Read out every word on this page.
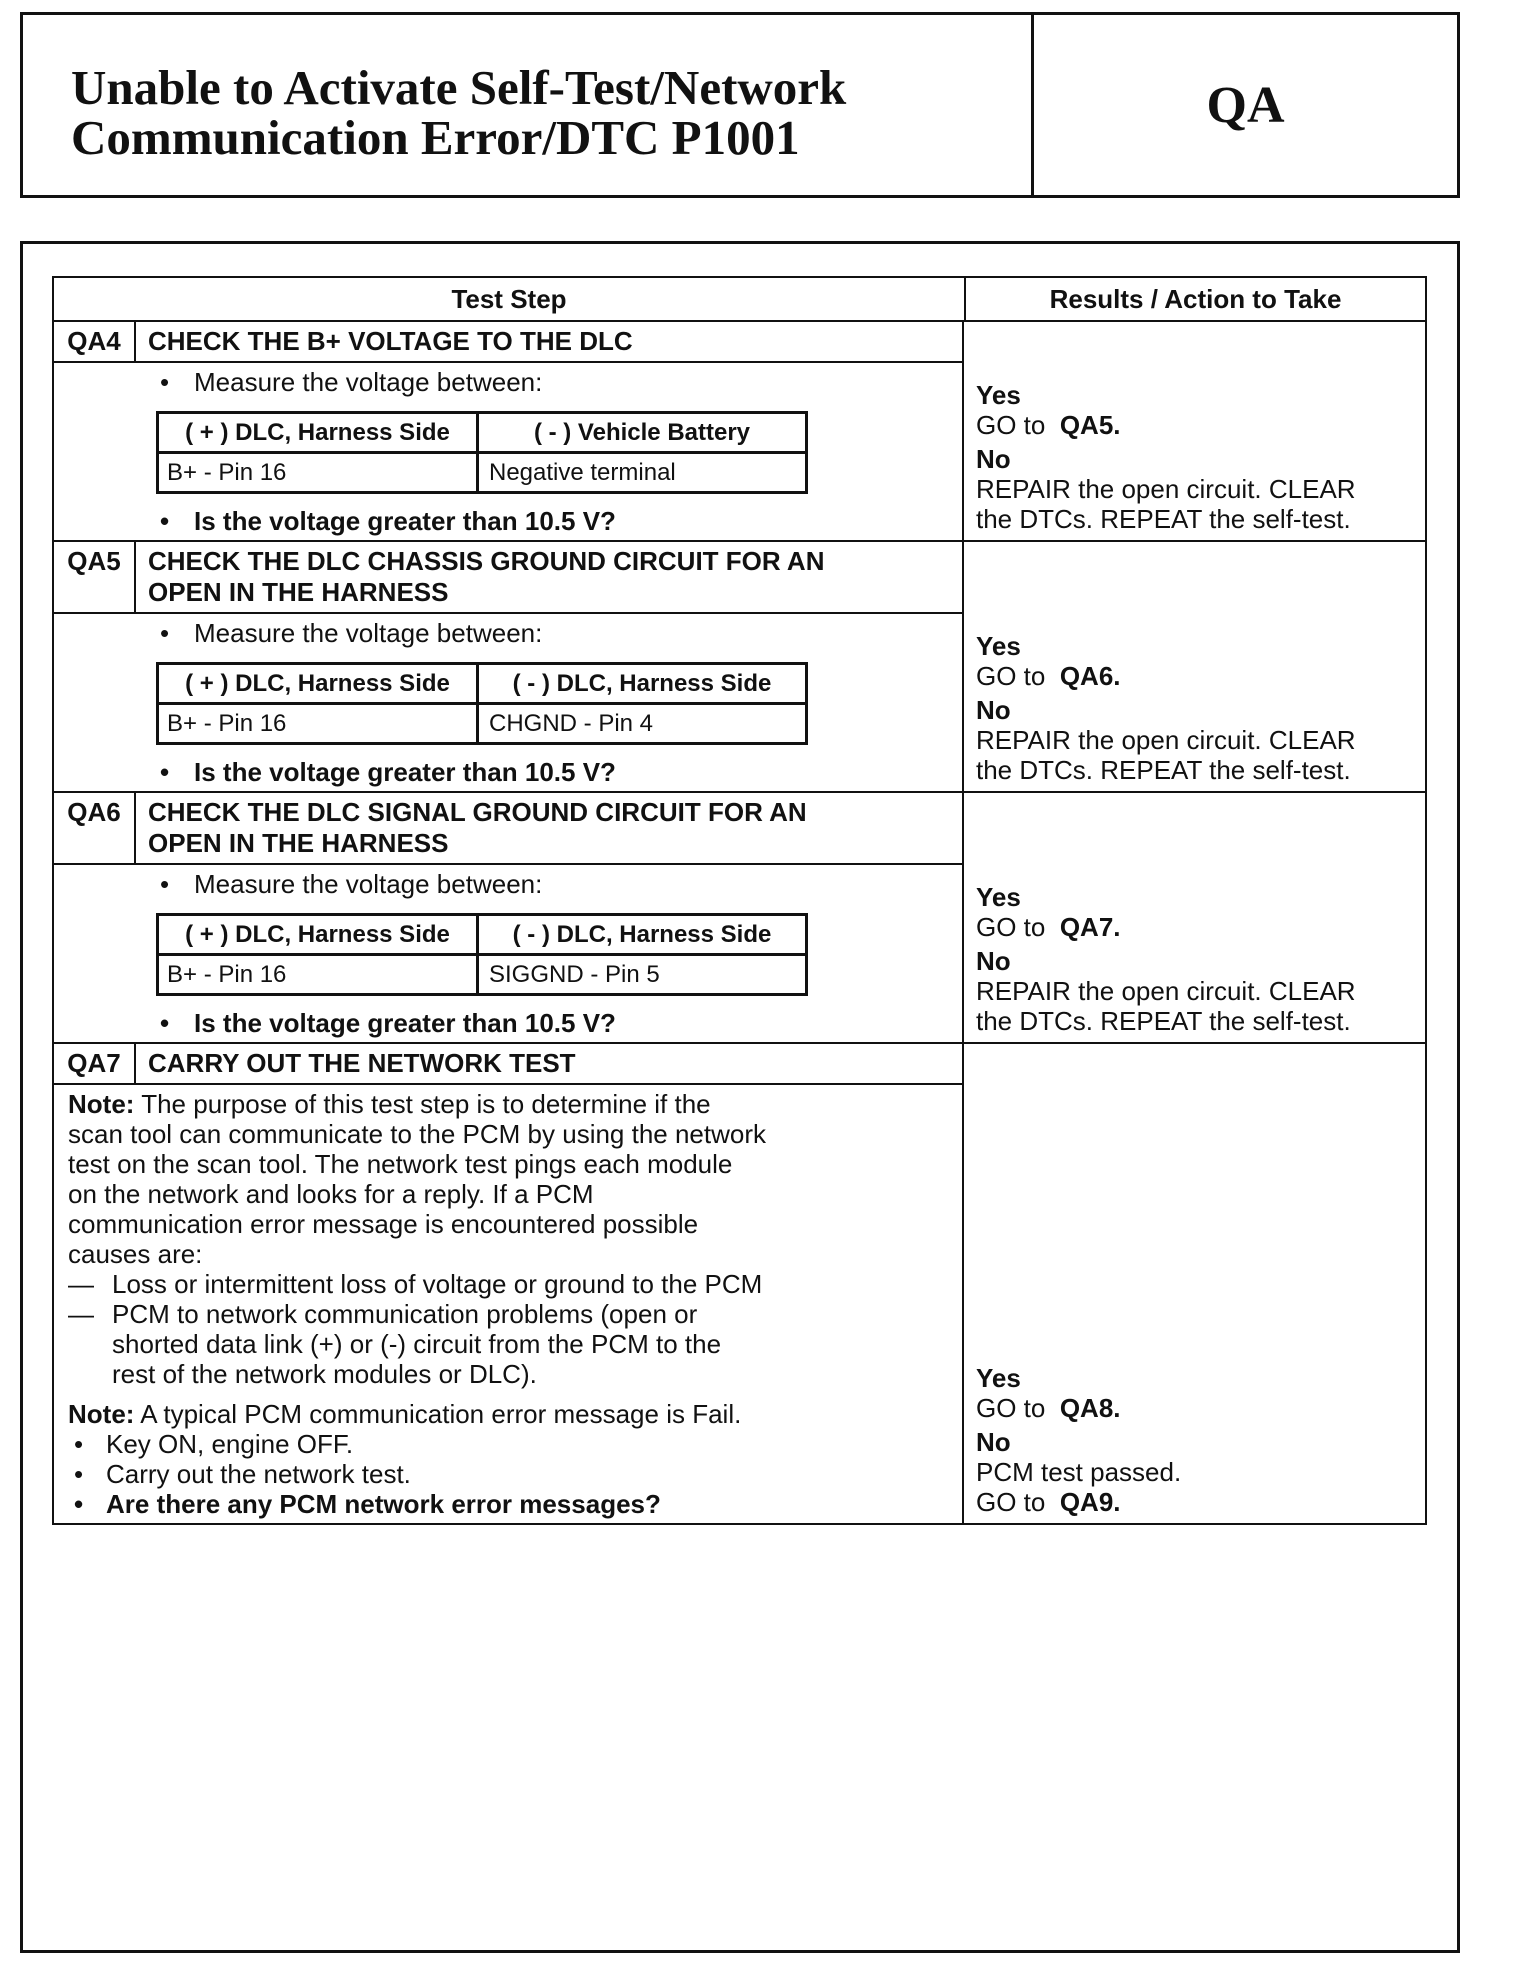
Unable to Activate Self-Test/Network
Communication Error/DTC P1001
QA
Test Step	Results / Action to Take
QA4	CHECK THE B+ VOLTAGE TO THE DLC
• Measure the voltage between:
( + ) DLC, Harness Side	( - ) Vehicle Battery
B+ - Pin 16	Negative terminal
• Is the voltage greater than 10.5 V?
Yes
GO to QA5.
No
REPAIR the open circuit. CLEAR
the DTCs. REPEAT the self-test.
QA5	CHECK THE DLC CHASSIS GROUND CIRCUIT FOR AN
OPEN IN THE HARNESS
• Measure the voltage between:
( + ) DLC, Harness Side	( - ) DLC, Harness Side
B+ - Pin 16	CHGND - Pin 4
• Is the voltage greater than 10.5 V?
Yes
GO to QA6.
No
REPAIR the open circuit. CLEAR
the DTCs. REPEAT the self-test.
QA6	CHECK THE DLC SIGNAL GROUND CIRCUIT FOR AN
OPEN IN THE HARNESS
• Measure the voltage between:
( + ) DLC, Harness Side	( - ) DLC, Harness Side
B+ - Pin 16	SIGGND - Pin 5
• Is the voltage greater than 10.5 V?
Yes
GO to QA7.
No
REPAIR the open circuit. CLEAR
the DTCs. REPEAT the self-test.
QA7	CARRY OUT THE NETWORK TEST
Note: The purpose of this test step is to determine if the
scan tool can communicate to the PCM by using the network
test on the scan tool. The network test pings each module
on the network and looks for a reply. If a PCM
communication error message is encountered possible
causes are:
— Loss or intermittent loss of voltage or ground to the PCM
— PCM to network communication problems (open or
shorted data link (+) or (-) circuit from the PCM to the
rest of the network modules or DLC).
Note: A typical PCM communication error message is Fail.
• Key ON, engine OFF.
• Carry out the network test.
• Are there any PCM network error messages?
Yes
GO to QA8.
No
PCM test passed.
GO to QA9.
